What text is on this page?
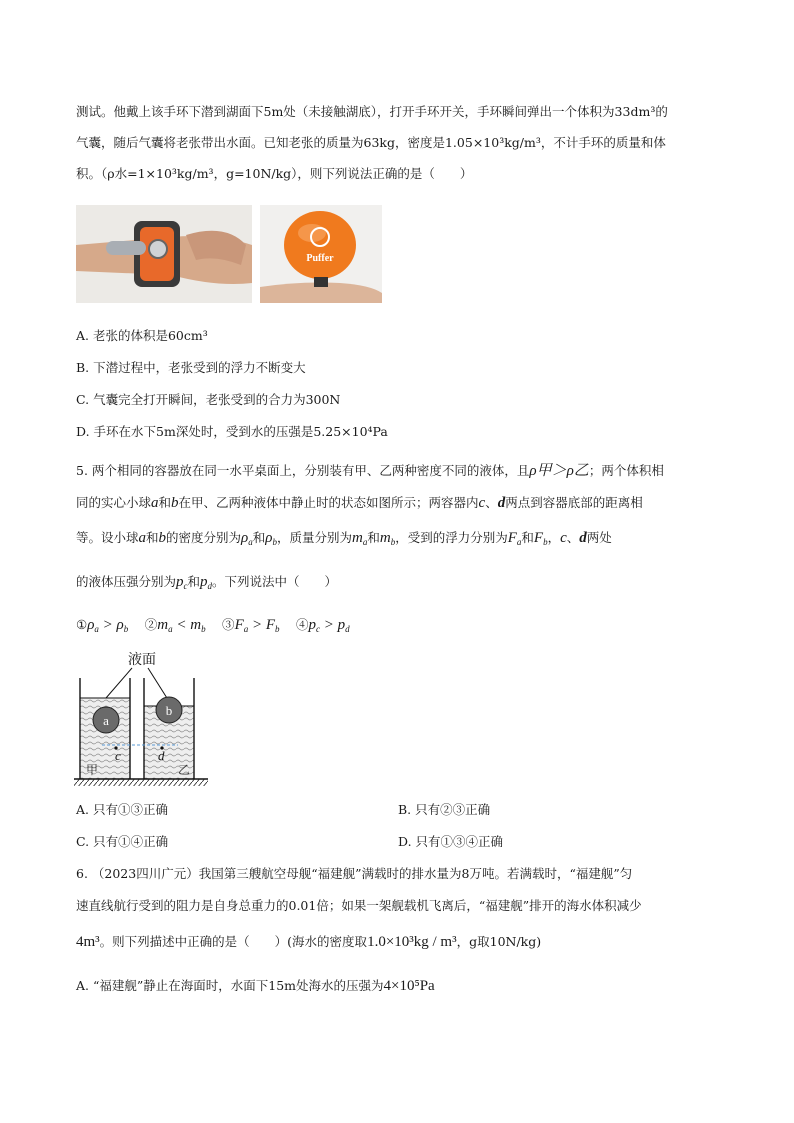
测试。他戴上该手环下潜到湖面下5m处（未接触湖底），打开手环开关，手环瞬间弹出一个体积为33dm³的
气囊，随后气囊将老张带出水面。已知老张的质量为63kg，密度是1.05×10³kg/m³，不计手环的质量和体
积。（ρ水=1×10³kg/m³，g=10N/kg），则下列说法正确的是（　　）
Puffer
A. 老张的体积是60cm³
B. 下潜过程中，老张受到的浮力不断变大
C. 气囊完全打开瞬间，老张受到的合力为300N
D. 手环在水下5m深处时，受到水的压强是5.25×10⁴Pa
5. 两个相同的容器放在同一水平桌面上，分别装有甲、乙两种密度不同的液体，且ρ甲＞ρ乙；两个体积相
同的实心小球a和b在甲、乙两种液体中静止时的状态如图所示；两容器内c、d两点到容器底部的距离相
等。设小球a和b的密度分别为$\rho_a$和$\rho_b$，质量分别为$m_a$和$m_b$，受到的浮力分别为$F_a$和$F_b$，c、d两处
的液体压强分别为$p_c$和$p_d$。下列说法中（　　）
$①\rho_a > \rho_b$　 $②m_a < m_b$　 $③F_a > F_b$　 $④p_c > p_d$
液面
a
b
c	d
甲	乙
A. 只有①③正确	B. 只有②③正确
C. 只有①④正确	D. 只有①③④正确
6. （2023四川广元）我国第三艘航空母舰“福建舰”满载时的排水量为8万吨。若满载时，“福建舰”匀
速直线航行受到的阻力是自身总重力的0.01倍；如果一架舰载机飞离后，“福建舰”排开的海水体积减少
4m³。则下列描述中正确的是（　　）(海水的密度取1.0×10³kg / m³，g取10N/kg)
A. “福建舰”静止在海面时，水面下15m处海水的压强为4×10⁵Pa
